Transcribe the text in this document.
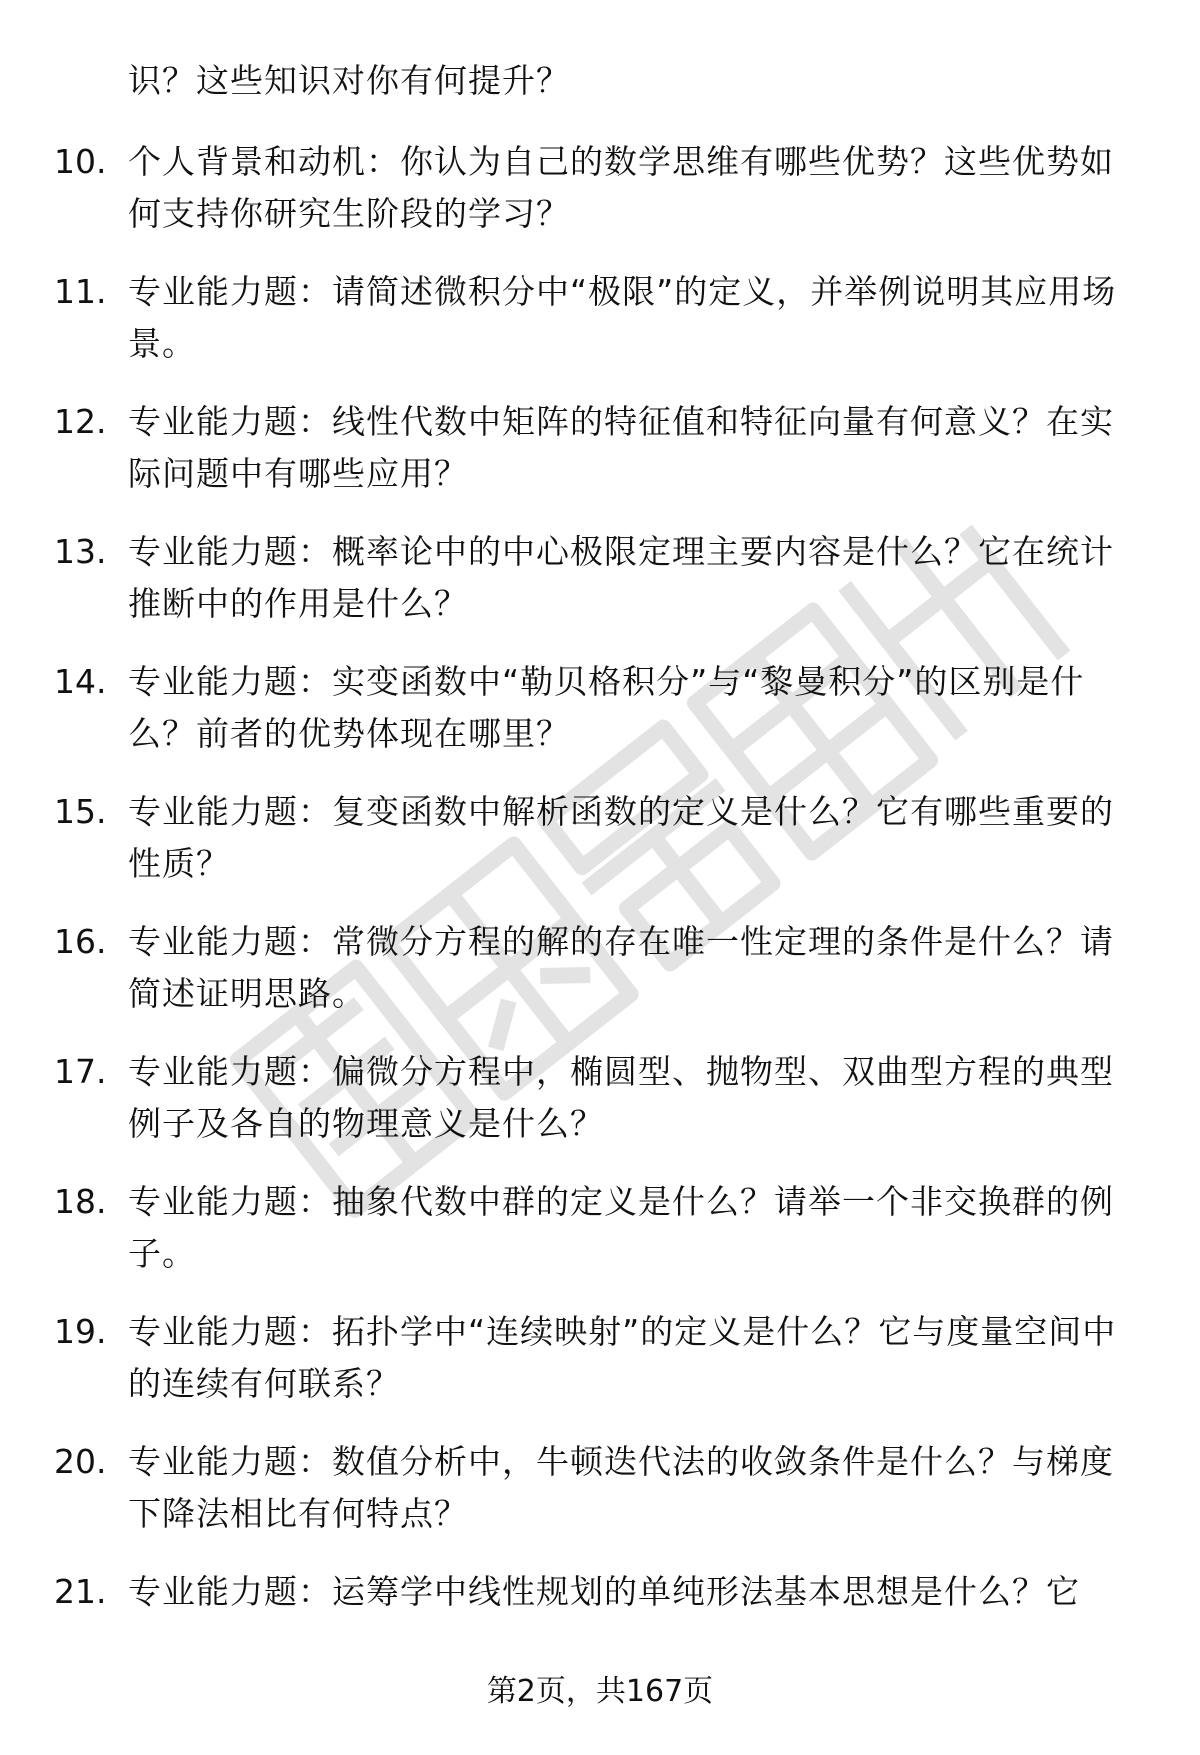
识？这些知识对你有何提升？

10. 个人背景和动机：你认为自己的数学思维有哪些优势？这些优势如何支持你研究生阶段的学习？
11. 专业能力题：请简述微积分中“极限”的定义，并举例说明其应用场景。
12. 专业能力题：线性代数中矩阵的特征值和特征向量有何意义？在实际问题中有哪些应用？
13. 专业能力题：概率论中的中心极限定理主要内容是什么？它在统计推断中的作用是什么？
14. 专业能力题：实变函数中“勒贝格积分”与“黎曼积分”的区别是什么？前者的优势体现在哪里？
15. 专业能力题：复变函数中解析函数的定义是什么？它有哪些重要的性质？
16. 专业能力题：常微分方程的解的存在唯一性定理的条件是什么？请简述证明思路。
17. 专业能力题：偏微分方程中，椭圆型、抛物型、双曲型方程的典型例子及各自的物理意义是什么？
18. 专业能力题：抽象代数中群的定义是什么？请举一个非交换群的例子。
19. 专业能力题：拓扑学中“连续映射”的定义是什么？它与度量空间中的连续有何联系？
20. 专业能力题：数值分析中，牛顿迭代法的收敛条件是什么？与梯度下降法相比有何特点？
21. 专业能力题：运筹学中线性规划的单纯形法基本思想是什么？它
第2页，共167页
